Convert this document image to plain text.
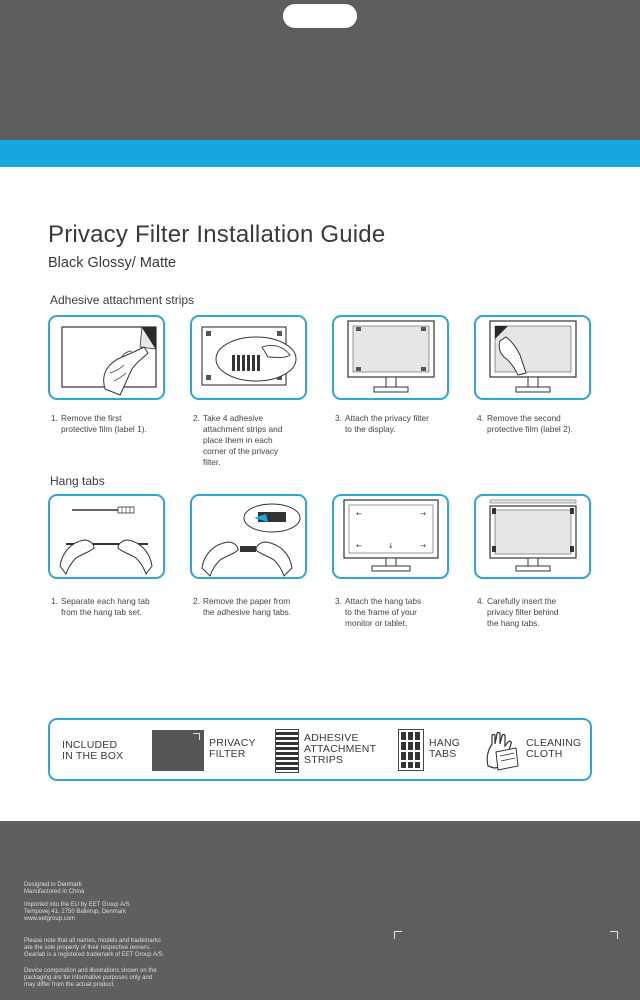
Privacy Filter Installation Guide
Black Glossy/ Matte
Adhesive attachment strips
Hang tabs
1. Remove the first
protective film (label 1).
2. Take 4 adhesive
attachment strips and
place them in each
corner of the privacy
filter.
3. Attach the privacy filter
to the display.
4. Remove the second
protective film (label 2).
←	→
←	→
↓
1. Separate each hang tab
from the hang tab set.
2. Remove the paper from
the adhesive hang tabs.
3. Attach the hang tabs
to the frame of your
monitor or tablet.
4. Carefully insert the
privacy filter behind
the hang tabs.
INCLUDED
IN THE BOX
PRIVACY
FILTER
ADHESIVE
ATTACHMENT
STRIPS
HANG
TABS
CLEANING
CLOTH
Designed in Denmark
Manufactured in China
Imported into the EU by EET Group A/S
Tempovej 41, 2750 Ballerup, Denmark
www.eetgroup.com
Please note that all names, models and trademarks
are the sole property of their respective owners.
Gearlab is a registered trademark of EET Group A/S.
Device composition and illustrations shown on the
packaging are for informative purposes only and
may differ from the actual product.
